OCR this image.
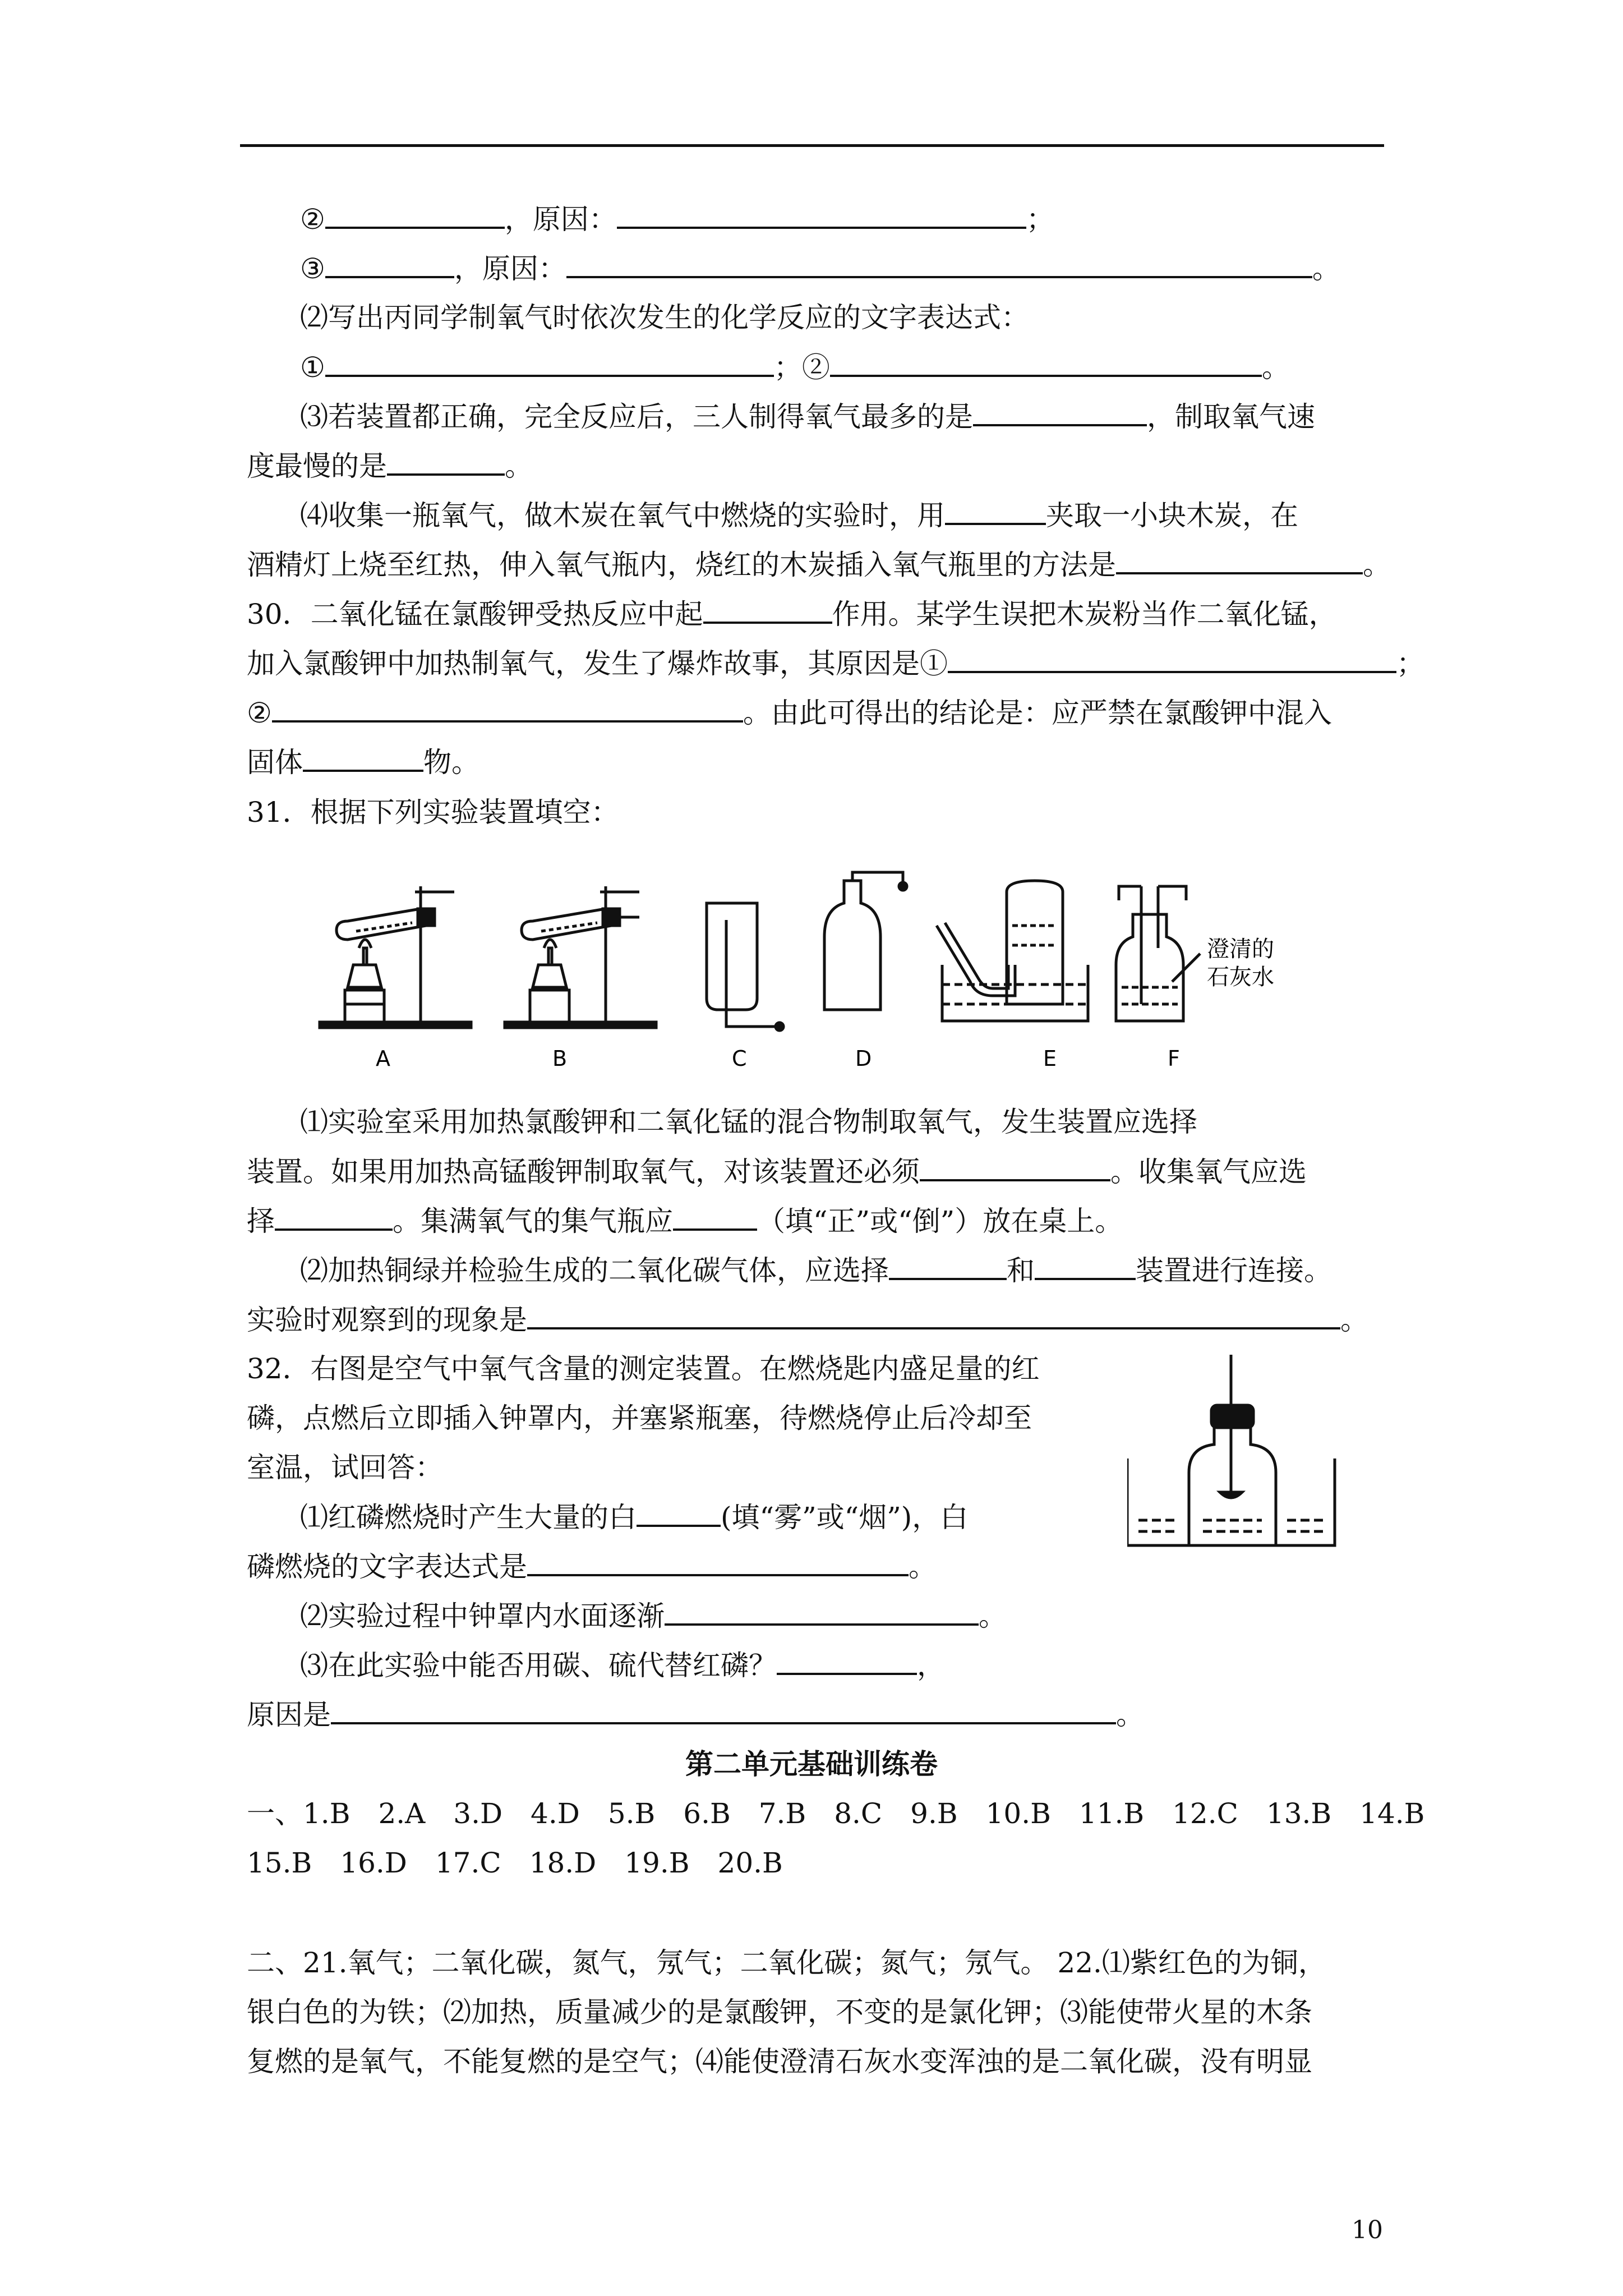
②	，原因：	；
③	，原因：	。
⑵写出丙同学制氧气时依次发生的化学反应的文字表达式：
①	；②	。
⑶若装置都正确，完全反应后，三人制得氧气最多的是	，制取氧气速
度最慢的是	。
⑷收集一瓶氧气，做木炭在氧气中燃烧的实验时，用	夹取一小块木炭，在
酒精灯上烧至红热，伸入氧气瓶内，烧红的木炭插入氧气瓶里的方法是	。
30．二氧化锰在氯酸钾受热反应中起	作用。某学生误把木炭粉当作二氧化锰，
加入氯酸钾中加热制氧气，发生了爆炸故事，其原因是①	；
②	。由此可得出的结论是：应严禁在氯酸钾中混入
固体	物。
31．根据下列实验装置填空：
A	B	C	D	E	F
澄清的
石灰水
⑴实验室采用加热氯酸钾和二氧化锰的混合物制取氧气，发生装置应选择
装置。如果用加热高锰酸钾制取氧气，对该装置还必须	。收集氧气应选
择	。集满氧气的集气瓶应	（填“正”或“倒”）放在桌上。
⑵加热铜绿并检验生成的二氧化碳气体，应选择	和	装置进行连接。
实验时观察到的现象是	。
32．右图是空气中氧气含量的测定装置。在燃烧匙内盛足量的红
磷，点燃后立即插入钟罩内，并塞紧瓶塞，待燃烧停止后冷却至
室温，试回答：
⑴红磷燃烧时产生大量的白	(填“雾”或“烟”)，白
磷燃烧的文字表达式是	。
⑵实验过程中钟罩内水面逐渐	。
⑶在此实验中能否用碳、硫代替红磷？	，
原因是	。
第二单元基础训练卷
一、1.B　2.A　3.D　4.D　5.B　6.B　7.B　8.C　9.B　10.B　11.B　12.C　13.B　14.B
15.B　16.D　17.C　18.D　19.B　20.B
二、21.氧气；二氧化碳，氮气，氖气；二氧化碳；氮气；氖气。 22.⑴紫红色的为铜，
银白色的为铁；⑵加热，质量减少的是氯酸钾，不变的是氯化钾；⑶能使带火星的木条
复燃的是氧气，不能复燃的是空气；⑷能使澄清石灰水变浑浊的是二氧化碳，没有明显
10
